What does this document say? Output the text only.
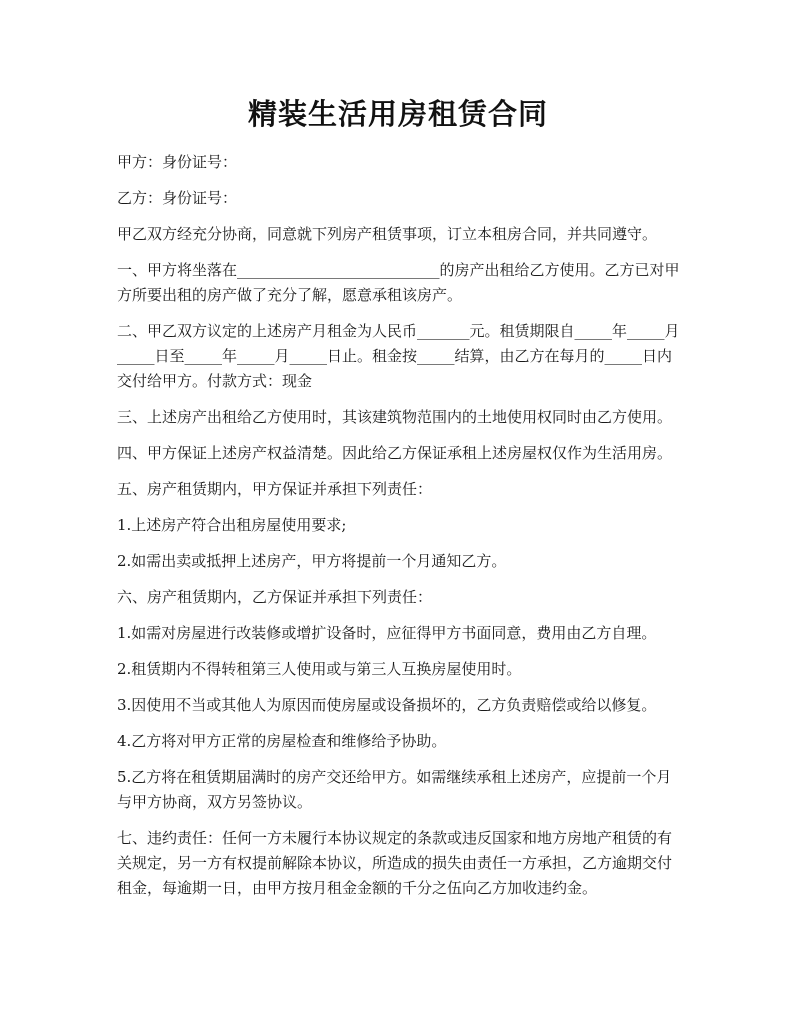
精装生活用房租赁合同

甲方：身份证号：

乙方：身份证号：

甲乙双方经充分协商，同意就下列房产租赁事项，订立本租房合同，并共同遵守。

一、甲方将坐落在___________________________的房产出租给乙方使用。乙方已对甲方所要出租的房产做了充分了解，愿意承租该房产。

二、甲乙双方议定的上述房产月租金为人民币_______元。租赁期限自_____年_____月_____日至_____年_____月_____日止。租金按_____结算，由乙方在每月的_____日内交付给甲方。付款方式：现金

三、上述房产出租给乙方使用时，其该建筑物范围内的土地使用权同时由乙方使用。

四、甲方保证上述房产权益清楚。因此给乙方保证承租上述房屋权仅作为生活用房。

五、房产租赁期内，甲方保证并承担下列责任：

1.上述房产符合出租房屋使用要求;

2.如需出卖或抵押上述房产，甲方将提前一个月通知乙方。

六、房产租赁期内，乙方保证并承担下列责任：

1.如需对房屋进行改装修或增扩设备时，应征得甲方书面同意，费用由乙方自理。

2.租赁期内不得转租第三人使用或与第三人互换房屋使用时。

3.因使用不当或其他人为原因而使房屋或设备损坏的，乙方负责赔偿或给以修复。

4.乙方将对甲方正常的房屋检查和维修给予协助。

5.乙方将在租赁期届满时的房产交还给甲方。如需继续承租上述房产，应提前一个月与甲方协商，双方另签协议。

七、违约责任：任何一方未履行本协议规定的条款或违反国家和地方房地产租赁的有关规定，另一方有权提前解除本协议，所造成的损失由责任一方承担，乙方逾期交付租金，每逾期一日，由甲方按月租金金额的千分之伍向乙方加收违约金。
